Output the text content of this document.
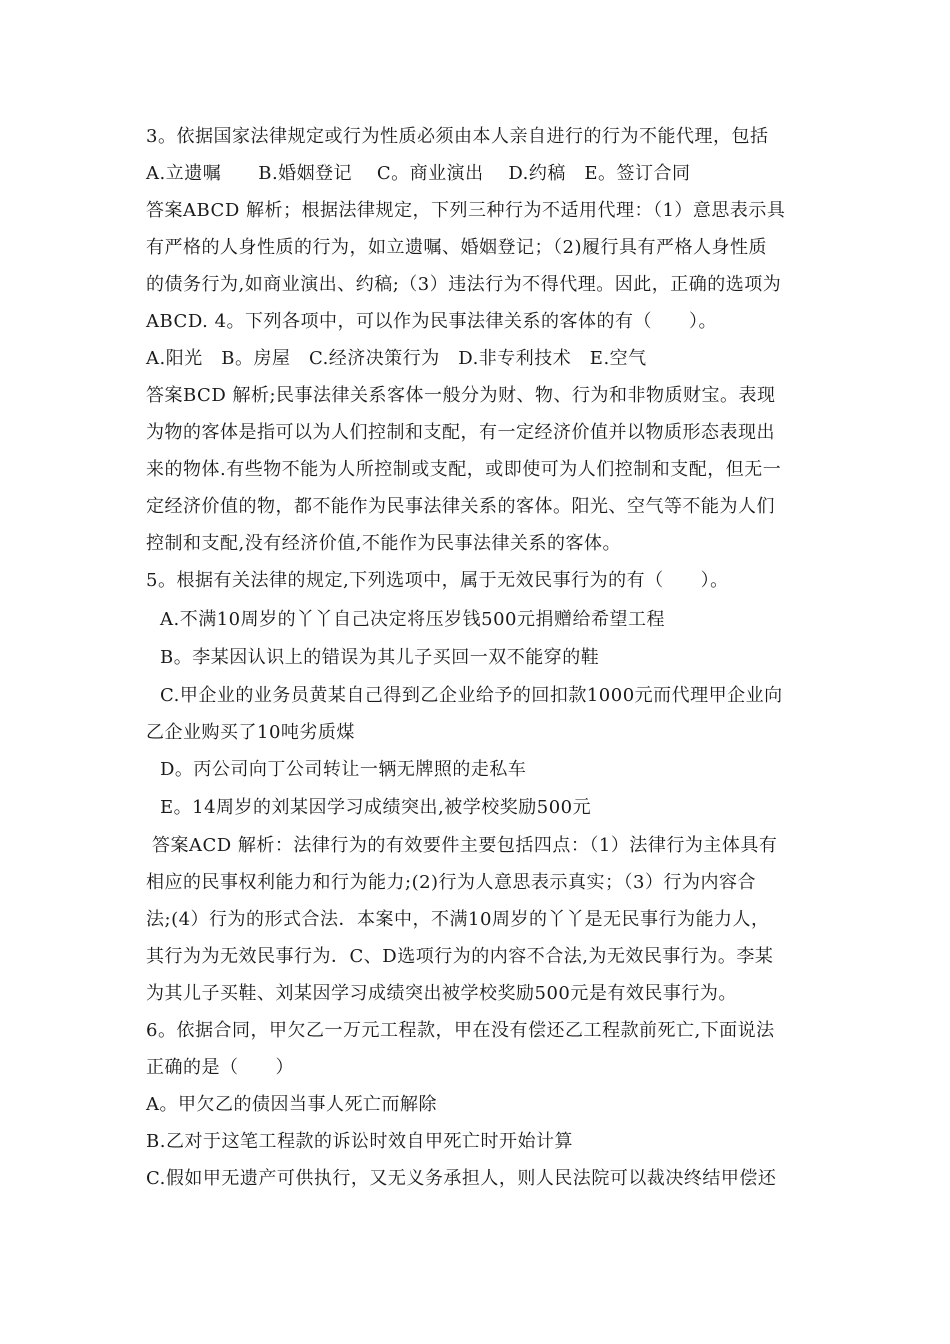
3。依据国家法律规定或行为性质必须由本人亲自进行的行为不能代理，包括
A.立遗嘱　　B.婚姻登记　 C。商业演出　 D.约稿　E。签订合同
答案ABCD 解析；根据法律规定，下列三种行为不适用代理：（1）意思表示具
有严格的人身性质的行为，如立遗嘱、婚姻登记；（2)履行具有严格人身性质
的债务行为,如商业演出、约稿;（3）违法行为不得代理。因此，正确的选项为
ABCD. 4。下列各项中，可以作为民事法律关系的客体的有（　　）。
A.阳光　B。房屋　C.经济决策行为　D.非专利技术　E.空气
答案BCD 解析;民事法律关系客体一般分为财、物、行为和非物质财宝。表现
为物的客体是指可以为人们控制和支配，有一定经济价值并以物质形态表现出
来的物体.有些物不能为人所控制或支配，或即使可为人们控制和支配，但无一
定经济价值的物，都不能作为民事法律关系的客体。阳光、空气等不能为人们
控制和支配,没有经济价值,不能作为民事法律关系的客体。
5。根据有关法律的规定,下列选项中，属于无效民事行为的有（　　）。
A.不满10周岁的丫丫自己决定将压岁钱500元捐赠给希望工程
B。李某因认识上的错误为其儿子买回一双不能穿的鞋
C.甲企业的业务员黄某自己得到乙企业给予的回扣款1000元而代理甲企业向
乙企业购买了10吨劣质煤
D。丙公司向丁公司转让一辆无牌照的走私车
E。14周岁的刘某因学习成绩突出,被学校奖励500元
答案ACD 解析：法律行为的有效要件主要包括四点：（1）法律行为主体具有
相应的民事权利能力和行为能力;(2)行为人意思表示真实；（3）行为内容合
法;(4）行为的形式合法．本案中，不满10周岁的丫丫是无民事行为能力人，
其行为为无效民事行为．C、D选项行为的内容不合法,为无效民事行为。李某
为其儿子买鞋、刘某因学习成绩突出被学校奖励500元是有效民事行为。
6。依据合同，甲欠乙一万元工程款，甲在没有偿还乙工程款前死亡,下面说法
正确的是（　　）
A。甲欠乙的债因当事人死亡而解除
B.乙对于这笔工程款的诉讼时效自甲死亡时开始计算
C.假如甲无遗产可供执行，又无义务承担人，则人民法院可以裁决终结甲偿还
